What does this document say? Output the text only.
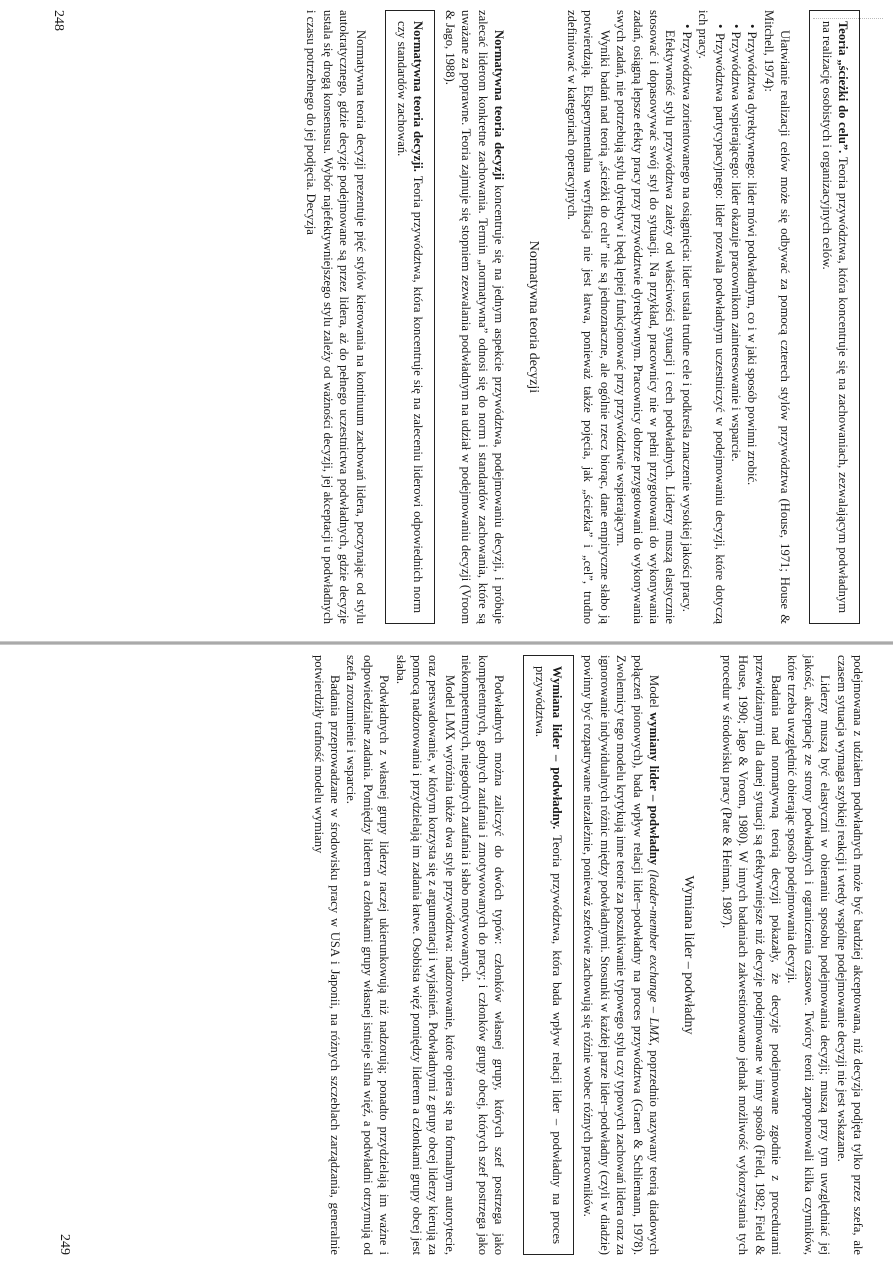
Teoria „ścieżki do celu”. Teoria przywództwa, która koncentruje się na zachowaniach, zezwalającym podwładnym na realizację osobistych i organizacyjnych celów.

Ułatwianie realizacji celów może się odbywać za pomocą czterech stylów przywództwa (House, 1971; House & Mitchell, 1974):

• Przywództwa dyrektywnego: lider mówi podwładnym, co i w jaki sposób powinni zrobić.

• Przywództwa wspierającego: lider okazuje pracownikom zainteresowanie i wsparcie.

• Przywództwa partycypacyjnego: lider pozwala podwładnym uczestniczyć w podejmowaniu decyzji, które dotyczą ich pracy.

• Przywództwa zorientowanego na osiągnięcia: lider ustala trudne cele i podkreśla znaczenie wysokiej jakości pracy.

Efektywność stylu przywództwa zależy od właściwości sytuacji i cech podwładnych. Liderzy muszą elastycznie stosować i dopasowywać swój styl do sytuacji. Na przykład, pracownicy nie w pełni przygotowani do wykonywania zadań, osiągną lepsze efekty pracy przy przywództwie dyrektywnym. Pracownicy dobrze przygotowani do wykonywania swych zadań, nie potrzebują stylu dyrektyw i będą lepiej funkcjonować przy przywództwie wspierającym.

Wyniki badań nad teorią „ścieżki do celu” nie są jednoznaczne, ale ogólnie rzecz biorąc, dane empiryczne słabo ją potwierdzają. Eksperymentalna weryfikacja nie jest łatwa, ponieważ także pojęcia, jak „ścieżka” i „cel”, trudno zdefiniować w kategoriach operacyjnych.

Normatywna teoria decyzji

Normatywna teoria decyzji koncentruje się na jednym aspekcie przywództwa, podejmowaniu decyzji, i próbuje zalecać liderom konkretne zachowania. Termin „normatywna” odnosi się do norm i standardów zachowania, które są uważane za poprawne. Teoria zajmuje się stopniem zezwalania podwładnym na udział w podejmowaniu decyzji (Vroom & Jago, 1988).

Normatywna teoria decyzji. Teoria przywództwa, która koncentruje się na zaleceniu liderowi odpowiednich norm czy standardów zachowań.

Normatywna teoria decyzji prezentuje pięć stylów kierowania na kontinuum zachowań lidera, poczynając od stylu autokratycznego, gdzie decyzje podejmowane są przez lidera, aż do pełnego uczestnictwa podwładnych, gdzie decyzje ustala się drogą konsensusu. Wybór najefektywniejszego stylu zależy od ważności decyzji, jej akceptacji u podwładnych i czasu potrzebnego do jej podjęcia. Decyzja

248

podejmowana z udziałem podwładnych może być bardziej akceptowana, niż decyzja podjęta tylko przez szefa, ale czasem sytuacja wymaga szybkiej reakcji i wtedy wspólne podejmowanie decyzji nie jest wskazane.

Liderzy muszą być elastyczni w obieraniu sposobu podejmowania decyzji; muszą przy tym uwzględniać jej jakość, akceptację ze strony podwładnych i ograniczenia czasowe. Twórcy teorii zaproponowali kilka czynników, które trzeba uwzględnić obierając sposób podejmowania decyzji.

Badania nad normatywną teorią decyzji pokazały, że decyzje podejmowane zgodnie z procedurami przewidzianymi dla danej sytuacji są efektywniejsze niż decyzje podejmowane w inny sposób (Field, 1982; Field & House, 1990; Jago & Vroom, 1980). W innych badaniach zakwestionowano jednak możliwość wykorzystania tych procedur w środowisku pracy (Pate & Heiman, 1987).

Wymiana lider – podwładny

Model wymiany lider – podwładny (leader-member exchange – LMX, poprzednio nazywany teorią diadowych połączeń pionowych), bada wpływ relacji lider–podwładny na proces przywództwa (Graen & Schliemann, 1978). Zwolennicy tego modelu krytykują inne teorie za poszukiwanie typowego stylu czy typowych zachowań lidera oraz za ignorowanie indywidualnych różnic między podwładnymi. Stosunki w każdej parze lider–podwładny (czyli w diadzie) powinny być rozpatrywane niezależnie, ponieważ szefowie zachowują się różnie wobec różnych pracowników.

Wymiana lider – podwładny. Teoria przywództwa, która bada wpływ relacji lider – podwładny na proces przywództwa.

Podwładnych można zaliczyć do dwóch typów: członków własnej grupy, których szef postrzega jako kompetentnych, godnych zaufania i zmotywowanych do pracy; i członków grupy obcej, których szef postrzega jako niekompetentnych, niegodnych zaufania i słabo motywowanych.

Model LMX wyróżnia także dwa style przywództwa: nadzorowanie, które opiera się na formalnym autorytecie, oraz perswadowanie, w którym korzysta się z argumentacji i wyjaśnień. Podwładnymi z grupy obcej liderzy kierują za pomocą nadzorowania i przydzielają im zadania łatwe. Osobista więź pomiędzy liderem a członkami grupy obcej jest słaba.

Podwładnych z własnej grupy liderzy raczej ukierunkowują niż nadzorują; ponadto przydzielają im ważne i odpowiedzialne zadania. Pomiędzy liderem a członkami grupy własnej istnieje silna więź, a podwładni otrzymują od szefa zrozumienie i wsparcie.

Badania przeprowadzane w środowisku pracy w USA i Japonii, na różnych szczeblach zarządzania, generalnie potwierdziły trafność modelu wymiany

249
